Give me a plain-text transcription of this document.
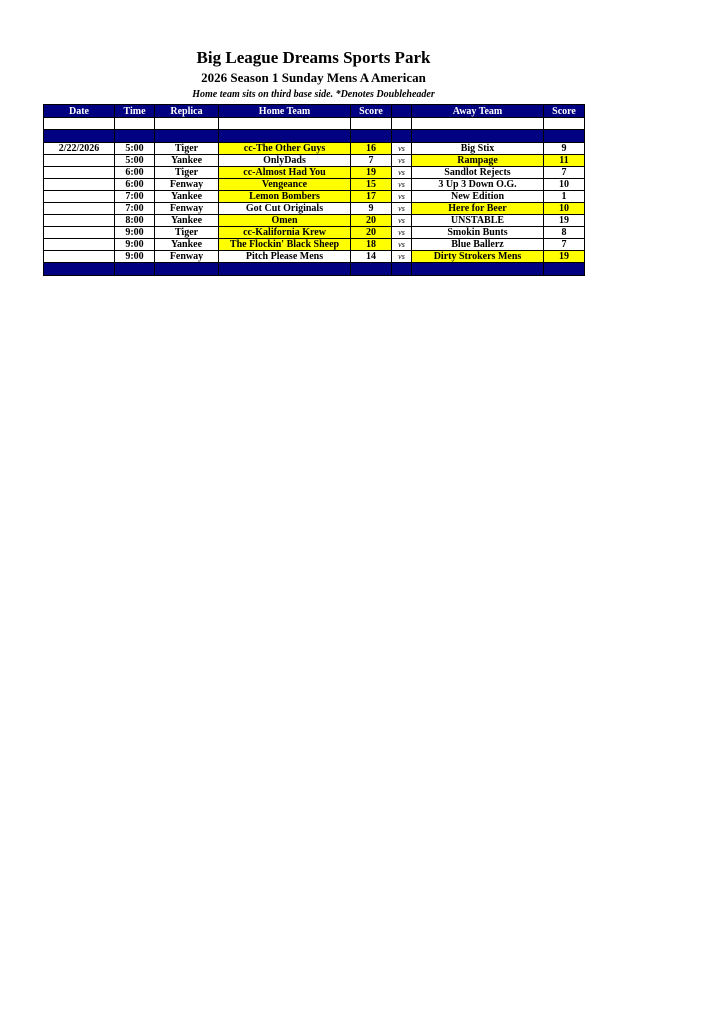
Big League Dreams Sports Park
2026 Season 1 Sunday Mens A American
Home team sits on third base side. *Denotes Doubleheader
Date	Time	Replica	Home Team	Score		Away Team	Score

2/22/2026	5:00	Tiger	cc-The Other Guys	16	vs	Big Stix	9
	5:00	Yankee	OnlyDads	7	vs	Rampage	11
	6:00	Tiger	cc-Almost Had You	19	vs	Sandlot Rejects	7
	6:00	Fenway	Vengeance	15	vs	3 Up 3 Down O.G.	10
	7:00	Yankee	Lemon Bombers	17	vs	New Edition	1
	7:00	Fenway	Got Cut Originals	9	vs	Here for Beer	10
	8:00	Yankee	Omen	20	vs	UNSTABLE	19
	9:00	Tiger	cc-Kalifornia Krew	20	vs	Smokin Bunts	8
	9:00	Yankee	The Flockin' Black Sheep	18	vs	Blue Ballerz	7
	9:00	Fenway	Pitch Please Mens	14	vs	Dirty Strokers Mens	19
